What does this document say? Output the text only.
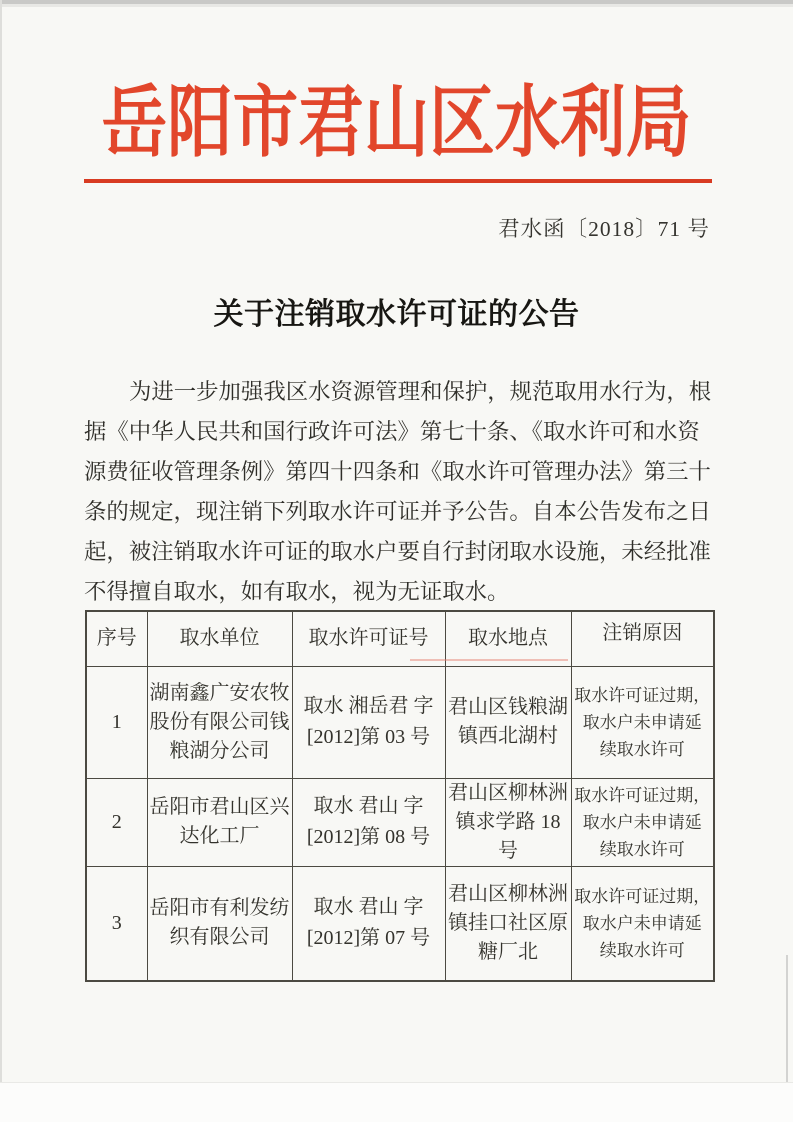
岳阳市君山区水利局
君水函〔2018〕71 号
关于注销取水许可证的公告
为进一步加强我区水资源管理和保护，规范取用水行为，根
据《中华人民共和国行政许可法》第七十条、《取水许可和水资
源费征收管理条例》第四十四条和《取水许可管理办法》第三十
条的规定，现注销下列取水许可证并予公告。自本公告发布之日
起，被注销取水许可证的取水户要自行封闭取水设施，未经批准
不得擅自取水，如有取水，视为无证取水。
序号	取水单位	取水许可证号	取水地点	注销原因
1	湖南鑫广安农牧
股份有限公司钱
粮湖分公司	取水 湘岳君 字
[2012]第 03 号	君山区钱粮湖
镇西北湖村	取水许可证过期，
取水户未申请延
续取水许可
2	岳阳市君山区兴
达化工厂	取水 君山 字
[2012]第 08 号	君山区柳林洲
镇求学路 18 号	取水许可证过期，
取水户未申请延
续取水许可
3	岳阳市有利发纺
织有限公司	取水 君山 字
[2012]第 07 号	君山区柳林洲
镇挂口社区原
糖厂北	取水许可证过期，
取水户未申请延
续取水许可
